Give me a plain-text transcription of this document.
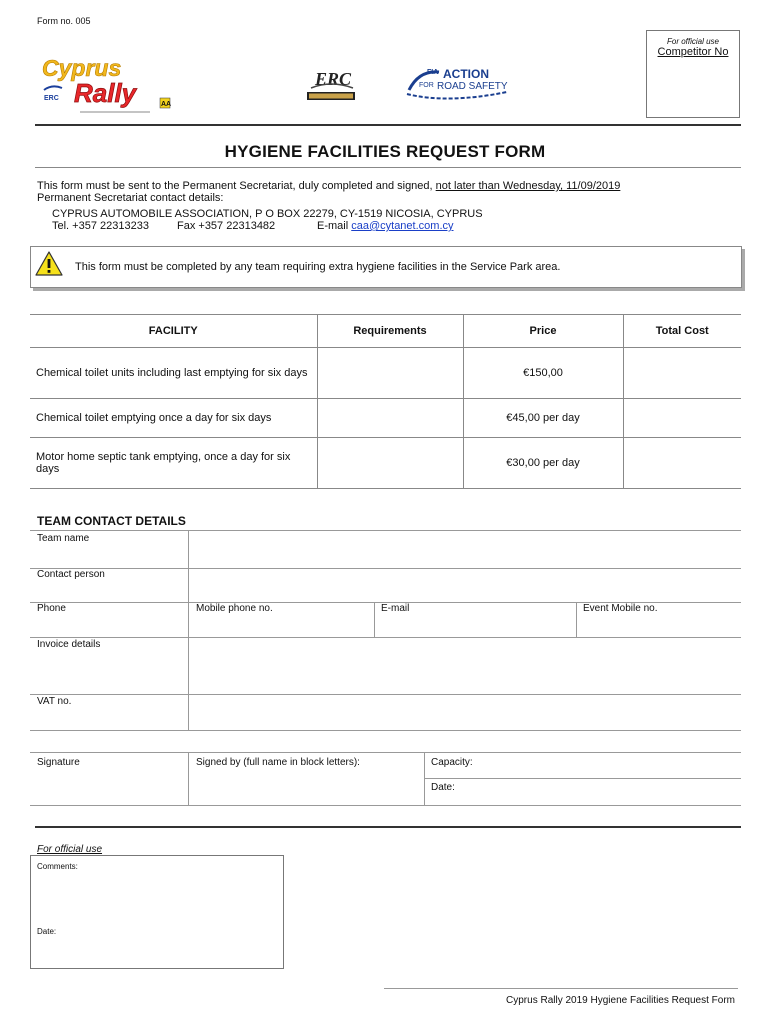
Form no. 005
For official use
Competitor No
Cyprus
Rally
ERC
AA
ERC	FIA ACTION
FOR ROAD SAFETY
HYGIENE FACILITIES REQUEST FORM
This form must be sent to the Permanent Secretariat, duly completed and signed, not later than Wednesday, 11/09/2019
Permanent Secretariat contact details:
CYPRUS AUTOMOBILE ASSOCIATION, P O BOX 22279, CY-1519 NICOSIA, CYPRUS
Tel. +357 22313233	Fax +357 22313482	E-mail caa@cytanet.com.cy
This form must be completed by any team requiring extra hygiene facilities in the Service Park area.
FACILITY	Requirements	Price	Total Cost
Chemical toilet units including last emptying for six days		€150,00	
Chemical toilet emptying once a day for six days		€45,00 per day	
Motor home septic tank emptying, once a day for six days		€30,00 per day	
TEAM CONTACT DETAILS
Team name
Contact person
Phone	Mobile phone no.	E-mail	Event Mobile no.
Invoice details
VAT no.
Signature	Signed by (full name in block letters):	Capacity:
Date:
For official use
Comments:
Date:
Cyprus Rally 2019 Hygiene Facilities Request Form
